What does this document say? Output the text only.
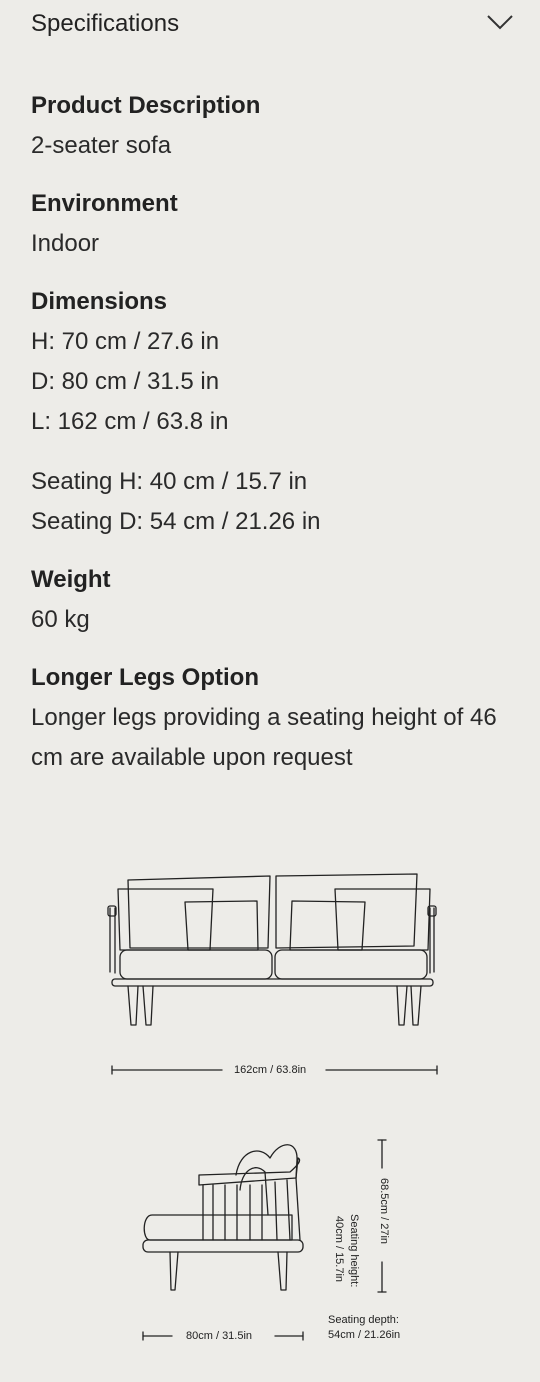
Specifications
Product Description
2-seater sofa
Environment
Indoor
Dimensions
H: 70 cm / 27.6 in
D: 80 cm / 31.5 in
L: 162 cm / 63.8 in
Seating H: 40 cm / 15.7 in
Seating D: 54 cm / 21.26 in
Weight
60 kg
Longer Legs Option
Longer legs providing a seating height of 46 cm are available upon request
162cm / 63.8in
80cm / 31.5in
Seating depth:
54cm / 21.26in
Seating height:
40cm / 15.7in
68.5cm / 27in
